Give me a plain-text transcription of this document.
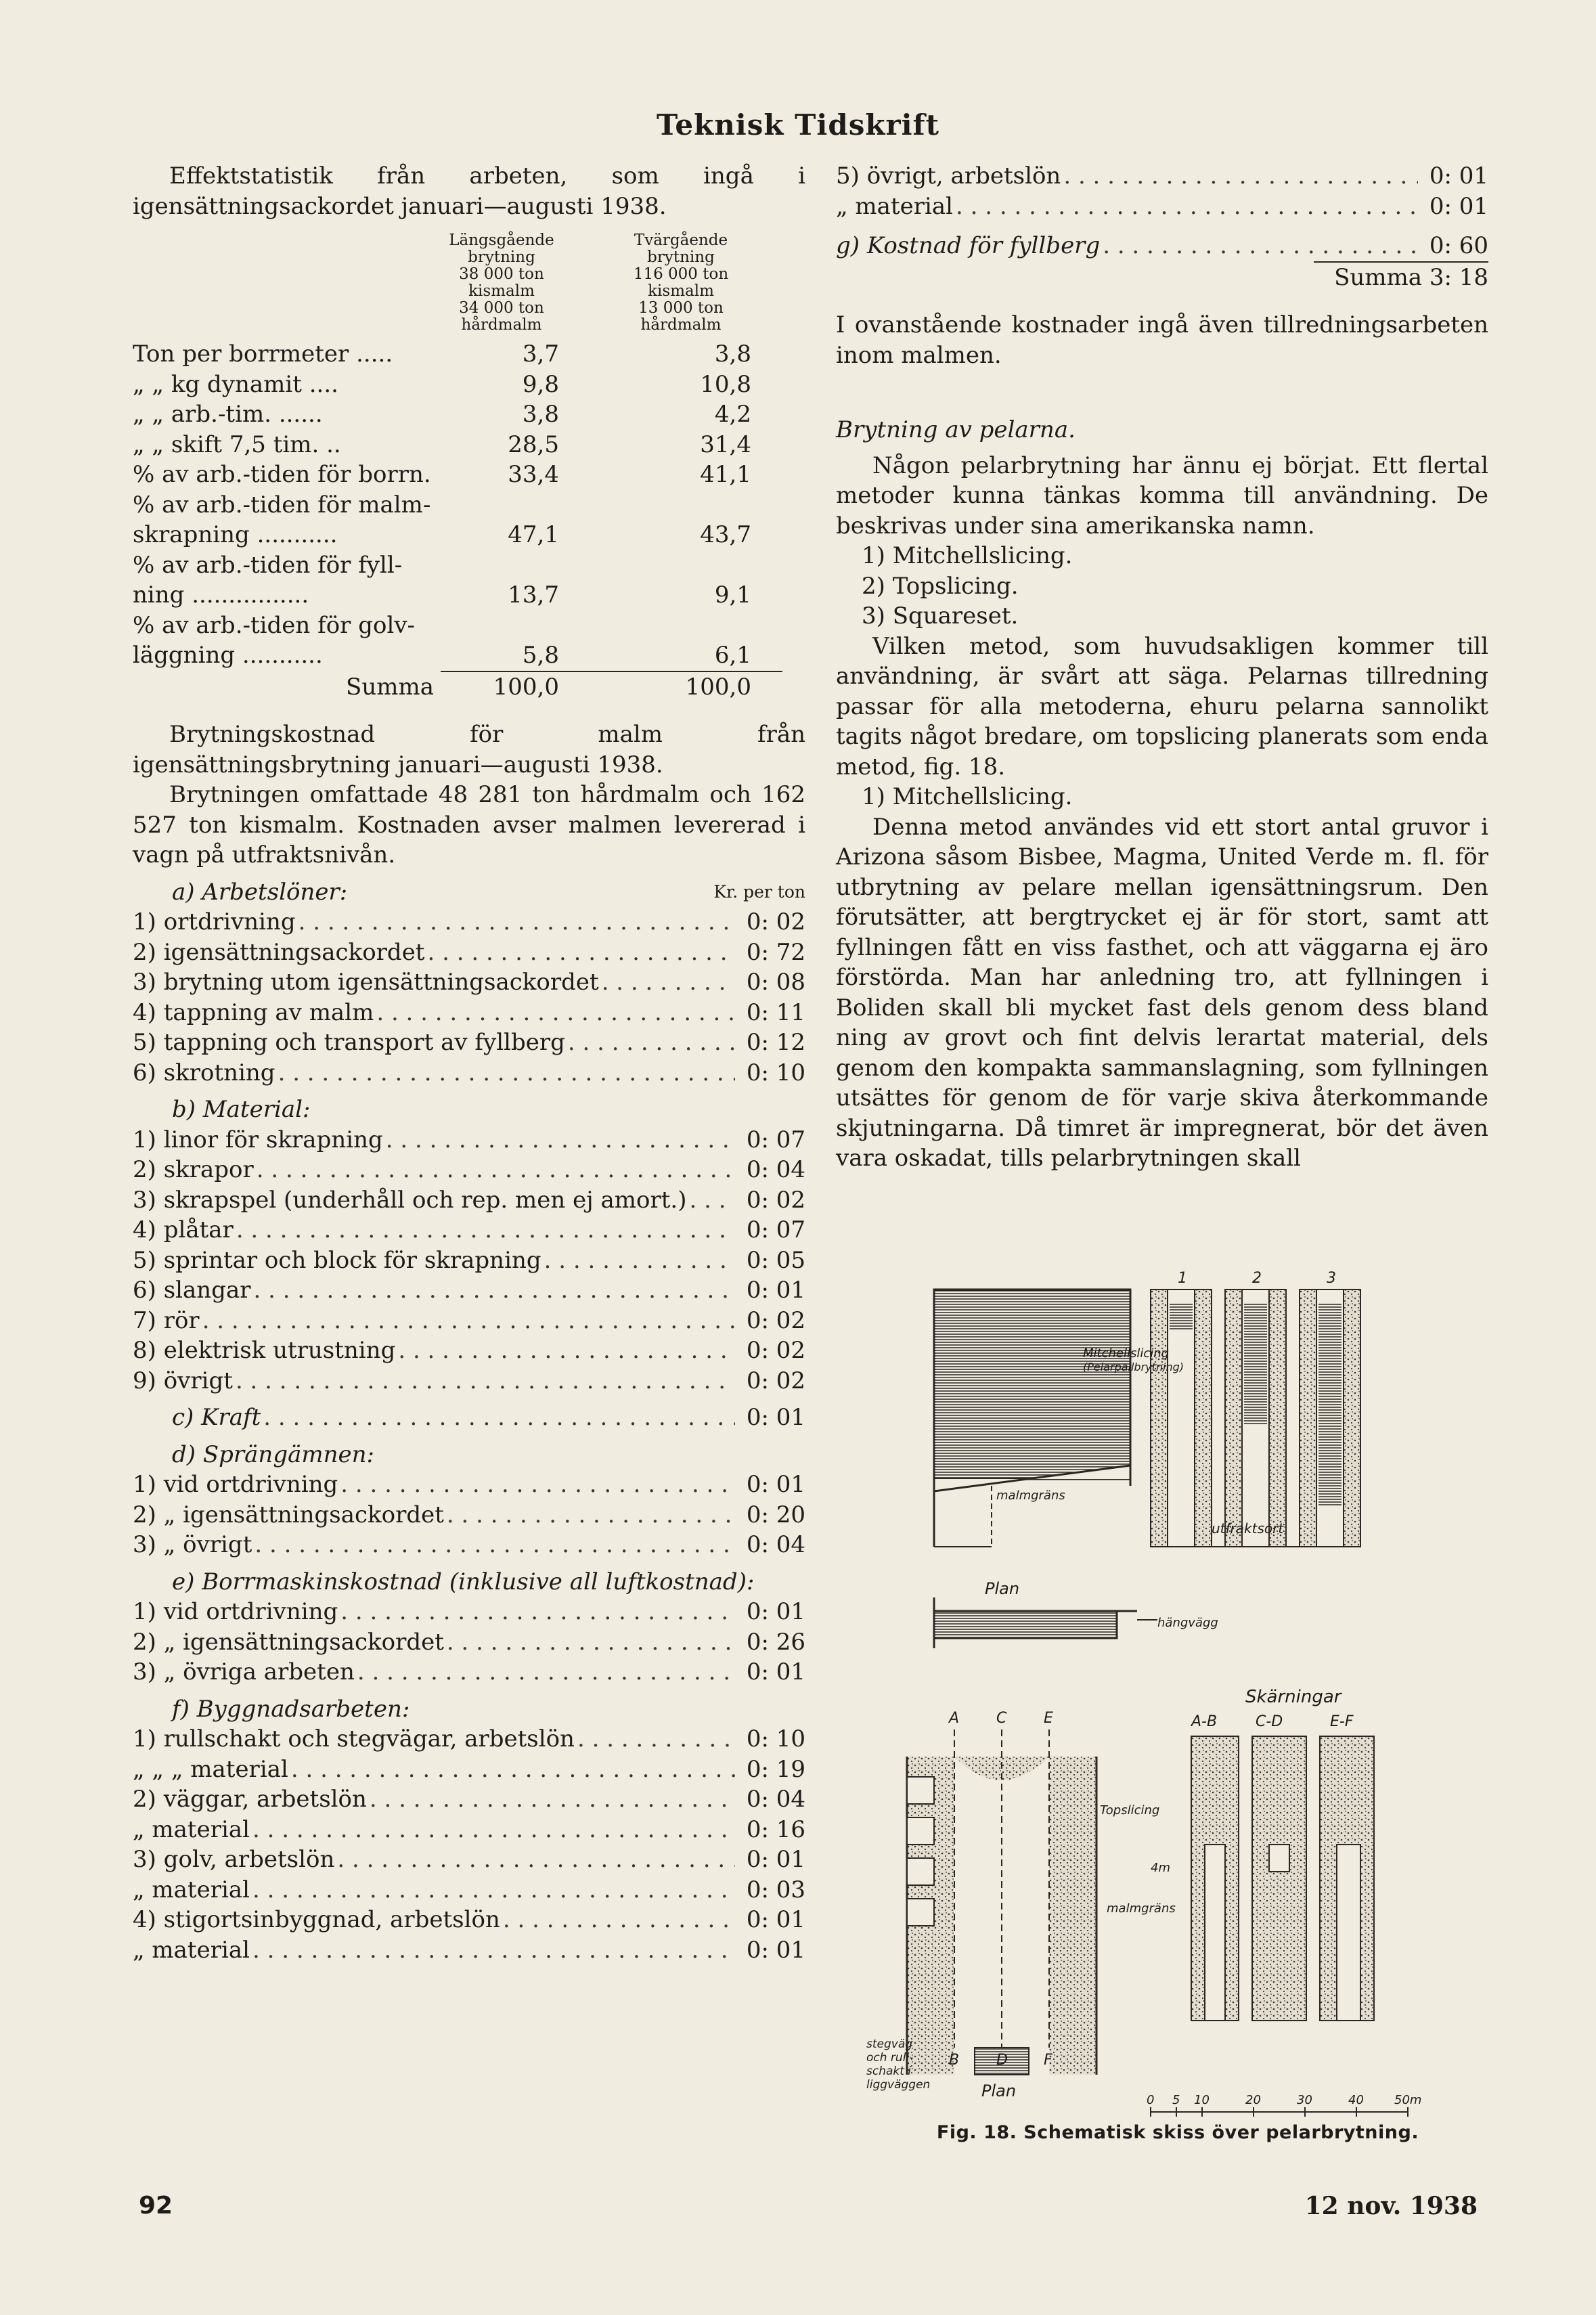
Teknisk Tidskrift

Effektstatistik från arbeten, som ingå i igensättningsackordet januari—augusti 1938.

Längsgående
brytning
38 000 ton kismalm
34 000 ton hårdmalm
Tvärgående
brytning
116 000 ton kismalm
13 000 ton hårdmalm
Ton per borrmeter .....	3,7	3,8
„ „ kg dynamit ....	9,8	10,8
„ „ arb.-tim. ......	3,8	4,2
„ „ skift 7,5 tim. ..	28,5	31,4
% av arb.-tiden för borrn.	33,4	41,1
% av arb.-tiden för malm-		
skrapning ...........	47,1	43,7
% av arb.-tiden för fyll-		
ning ................	13,7	9,1
% av arb.-tiden för golv-		
läggning ...........	5,8	6,1
Summa	100,0	100,0

Brytningskostnad för malm från igensättningsbrytning januari—augusti 1938.

Brytningen omfattade 48 281 ton hårdmalm och 162 527 ton kismalm. Kostnaden avser malmen levererad i vagn på utfraktsnivån.

a) Arbetslöner:	Kr. per ton
1) ortdrivning . . .	0: 02
2) igensättningsackordet . . .	0: 72
3) brytning utom igensättningsackordet . . .	0: 08
4) tappning av malm . . .	0: 11
5) tappning och transport av fyllberg . . .	0: 12
6) skrotning . . .	0: 10
b) Material:
1) linor för skrapning . . .	0: 07
2) skrapor . . .	0: 04
3) skrapspel (underhåll och rep. men ej amort.) . . .	0: 02
4) plåtar . . .	0: 07
5) sprintar och block för skrapning . . .	0: 05
6) slangar . . .	0: 01
7) rör . . .	0: 02
8) elektrisk utrustning . . .	0: 02
9) övrigt . . .	0: 02
c) Kraft . . .	0: 01
d) Sprängämnen:
1) vid ortdrivning . . .	0: 01
2) „ igensättningsackordet . . .	0: 20
3) „ övrigt . . .	0: 04
e) Borrmaskinskostnad (inklusive all luftkostnad):
1) vid ortdrivning . . .	0: 01
2) „ igensättningsackordet . . .	0: 26
3) „ övriga arbeten . . .	0: 01
f) Byggnadsarbeten:
1) rullschakt och stegvägar, arbetslön . . .	0: 10
„ „ „ material . . .	0: 19
2) väggar, arbetslön . . .	0: 04
„ material . . .	0: 16
3) golv, arbetslön . . .	0: 01
„ material . . .	0: 03
4) stigortsinbyggnad, arbetslön . . .	0: 01
„ material . . .	0: 01
5) övrigt, arbetslön . . .	0: 01
„ material . . .	0: 01
g) Kostnad för fyllberg . . .	0: 60
Summa 3: 18

I ovanstående kostnader ingå även tillredningsarbeten inom malmen.

Brytning av pelarna.

Någon pelarbrytning har ännu ej börjat. Ett flertal metoder kunna tänkas komma till användning. De beskrivas under sina amerikanska namn.

1) Mitchellslicing.
2) Topslicing.
3) Squareset.

Vilken metod, som huvudsakligen kommer till användning, är svårt att säga. Pelarnas tillredning passar för alla metoderna, ehuru pelarna sannolikt tagits något bredare, om topslicing planerats som enda metod, fig. 18.

1) Mitchellslicing.

Denna metod användes vid ett stort antal gruvor i Arizona såsom Bisbee, Magma, United Verde m. fl. för utbrytning av pelare mellan igensättningsrum. Den förutsätter, att bergtrycket ej är för stort, samt att fyllningen fått en viss fasthet, och att väggarna ej äro förstörda. Man har anledning tro, att fyllningen i Boliden skall bli mycket fast dels genom dess bland ning av grovt och fint delvis lerartat material, dels genom den kompakta sammanslagning, som fyllningen utsättes för genom de för varje skiva återkommande skjutningarna. Då timret är impregnerat, bör det även vara oskadat, tills pelarbrytningen skall

1	2	3
Mitchellslicing
(Pelarpallbrytning)
malmgräns
utfraktsort
Plan
hängvägg
Skärningar
A-B	C-D	E-F
A C E
B D F
Topslicing
4m
malmgräns
stegväg
och rull-
schakt i
liggväggen	Plan	0 5 10	20	30	40	50m
Fig. 18. Schematisk skiss över pelarbrytning.
92	12 nov. 1938
